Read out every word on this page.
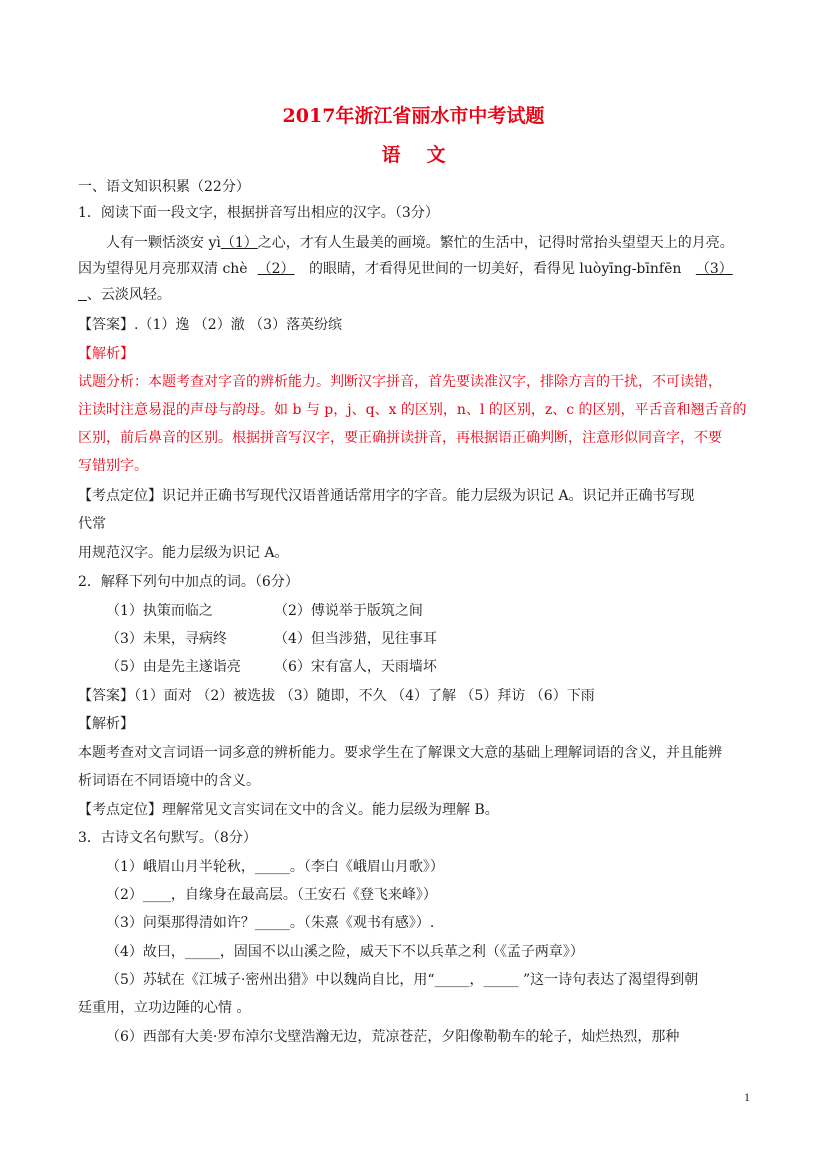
2017年浙江省丽水市中考试题
语文
一、语文知识积累（22分）
1．阅读下面一段文字，根据拼音写出相应的汉字。（3分）
人有一颗恬淡安 yì（1）之心，才有人生最美的画境。繁忙的生活中，记得时常抬头望望天上的月亮。
因为望得见月亮那双清 chè （2） 的眼睛，才看得见世间的一切美好，看得见 luòyīng-bīnfēn （3）
、云淡风轻。
【答案】.（1）逸 （2）澈 （3）落英纷缤
【解析】
试题分析：本题考查对字音的辨析能力。判断汉字拼音，首先要读准汉字，排除方言的干扰，不可读错，
注读时注意易混的声母与韵母。如 b 与 p，j、q、x 的区别，n、l 的区别，z、c 的区别，平舌音和翘舌音的
区别，前后鼻音的区别。根据拼音写汉字，要正确拼读拼音，再根据语正确判断，注意形似同音字，不要
写错别字。
【考点定位】识记并正确书写现代汉语普通话常用字的字音。能力层级为识记 A。识记并正确书写现
代常
用规范汉字。能力层级为识记 A。
2．解释下列句中加点的词。（6分）
（1）执策而临之	（2）傅说举于版筑之间
（3）未果，寻病终	（4）但当涉猎，见往事耳
（5）由是先主遂诣亮 （6）宋有富人，天雨墙坏
【答案】（1）面对 （2）被选拔 （3）随即，不久 （4）了解 （5）拜访 （6）下雨
【解析】
本题考查对文言词语一词多意的辨析能力。要求学生在了解课文大意的基础上理解词语的含义，并且能辨
析词语在不同语境中的含义。
【考点定位】理解常见文言实词在文中的含义。能力层级为理解 B。
3．古诗文名句默写。（8分）
（1）峨眉山月半轮秋，_____。（李白《峨眉山月歌》）
（2）____，自缘身在最高层。（王安石《登飞来峰》）
（3）问渠那得清如许？_____。（朱熹《观书有感》）.
（4）故曰，_____，固国不以山溪之险，威天下不以兵革之利（《孟子两章》）
（5）苏轼在《江城子·密州出猎》中以魏尚自比，用“_____，_____ ”这一诗句表达了渴望得到朝
廷重用，立功边陲的心情 。
（6）西部有大美·罗布淖尔戈壁浩瀚无边，荒凉苍茫，夕阳像勒勒车的轮子，灿烂热烈，那种
1
